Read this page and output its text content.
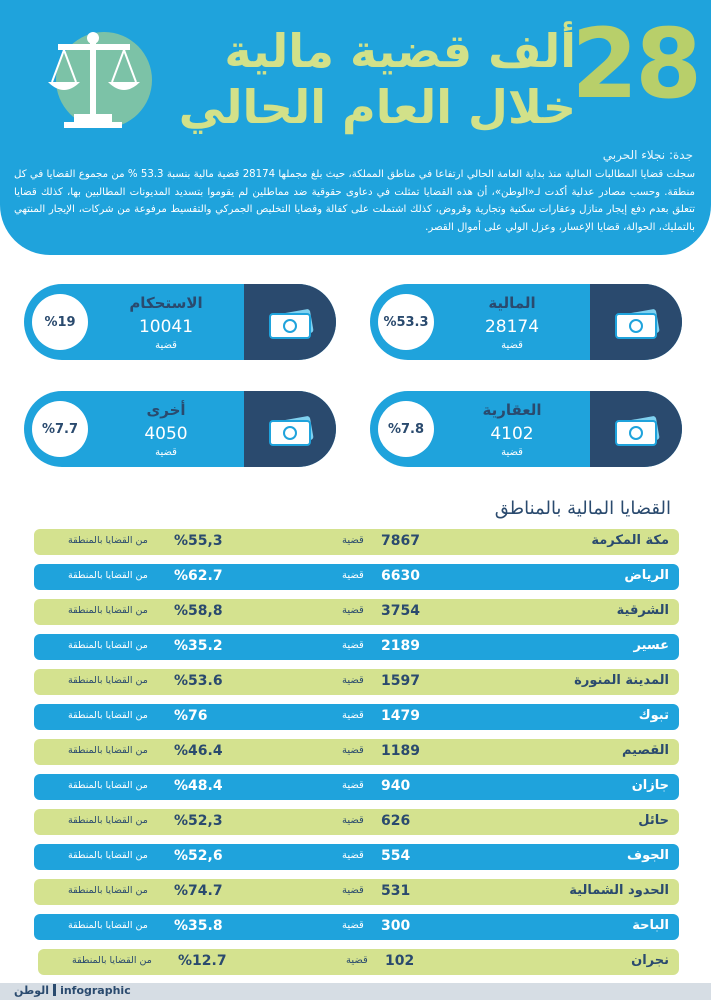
28
ألف قضية مالية
خلال العام الحالي
جدة: نجلاء الحربي
سجلت قضايا المطالبات المالية منذ بداية العامة الحالي ارتفاعا في مناطق المملكة، حيث بلغ مجملها 28174 قضية مالية بنسبة 53.3 % من مجموع القضايا في كل منطقة. وحسب مصادر عدلية أكدت لـ«الوطن»، أن هذه القضايا تمثلت في دعاوى حقوقية ضد مماطلين لم يقوموا بتسديد المديونات المطالبين بها، كذلك قضايا تتعلق بعدم دفع إيجار منازل وعقارات سكنية وتجارية وقروض، كذلك اشتملت على كفالة وقضايا التخليص الجمركي والتقسيط مرفوعة من شركات، الإيجار المنتهي بالتمليك، الحوالة، قضايا الإعسار، وعزل الولي على أموال القصر.
%53.3
المالية
28174
قضية
%19
الاستحكام
10041
قضية
%7.8
العقارية
4102
قضية
%7.7
أخرى
4050
قضية
القضايا المالية بالمناطق
مكة المكرمة
7867
قضية
%55,3
من القضايا بالمنطقة
الرياض
6630
قضية
%62.7
من القضايا بالمنطقة
الشرقية
3754
قضية
%58,8
من القضايا بالمنطقة
عسير
2189
قضية
%35.2
من القضايا بالمنطقة
المدينة المنورة
1597
قضية
%53.6
من القضايا بالمنطقة
تبوك
1479
قضية
%76
من القضايا بالمنطقة
القصيم
1189
قضية
%46.4
من القضايا بالمنطقة
جازان
940
قضية
%48.4
من القضايا بالمنطقة
حائل
626
قضية
%52,3
من القضايا بالمنطقة
الجوف
554
قضية
%52,6
من القضايا بالمنطقة
الحدود الشمالية
531
قضية
%74.7
من القضايا بالمنطقة
الباحة
300
قضية
%35.8
من القضايا بالمنطقة
نجران
102
قضية
%12.7
من القضايا بالمنطقة
الوطن infographic
